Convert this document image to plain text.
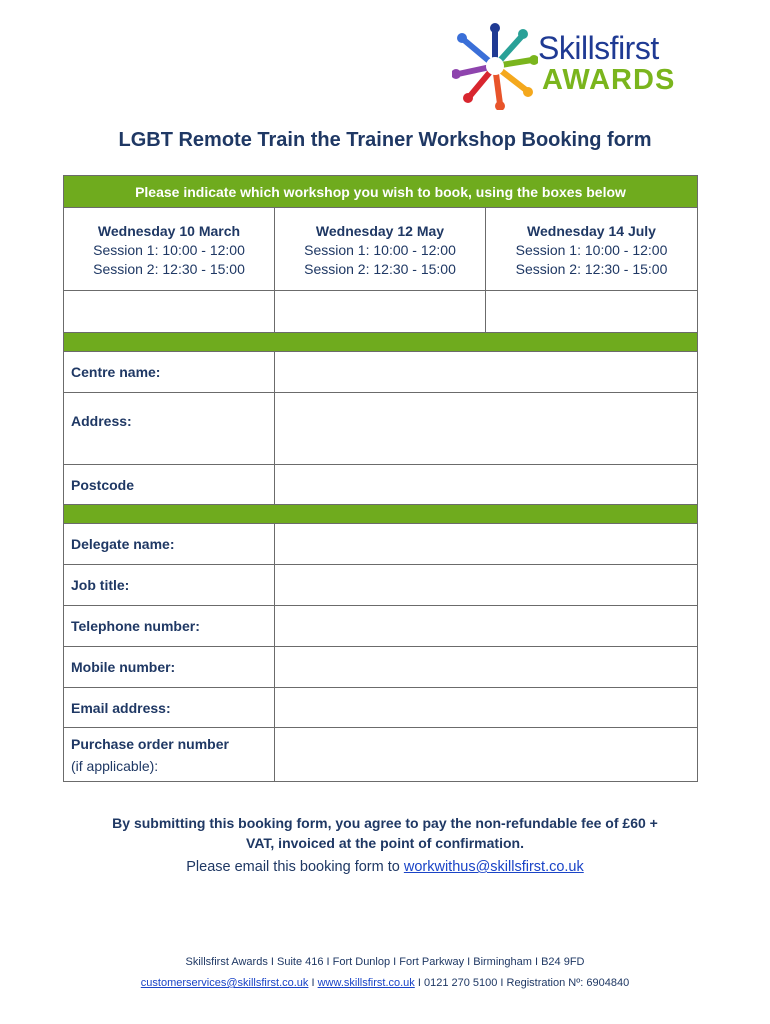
Skillsfirst
AWARDS
LGBT Remote Train the Trainer Workshop Booking form
Please indicate which workshop you wish to book, using the boxes below		

Wednesday 10 March
Session 1: 10:00 - 12:00
Session 2: 12:30 - 15:00	Wednesday 12 May
Session 1: 10:00 - 12:00
Session 2: 12:30 - 15:00	Wednesday 14 July
Session 1: 10:00 - 12:00
Session 2: 12:30 - 15:00

Centre name:		
Address:		
Postcode		

Delegate name:		
Job title:		
Telephone number:		
Mobile number:		
Email address:		
Purchase order number
(if applicable):		

By submitting this booking form, you agree to pay the non-refundable fee of £60 +
VAT, invoiced at the point of confirmation.
Please email this booking form to workwithus@skillsfirst.co.uk
Skillsfirst Awards I Suite 416 I Fort Dunlop I Fort Parkway I Birmingham I B24 9FD
customerservices@skillsfirst.co.uk I www.skillsfirst.co.uk I 0121 270 5100 I Registration Nº: 6904840
